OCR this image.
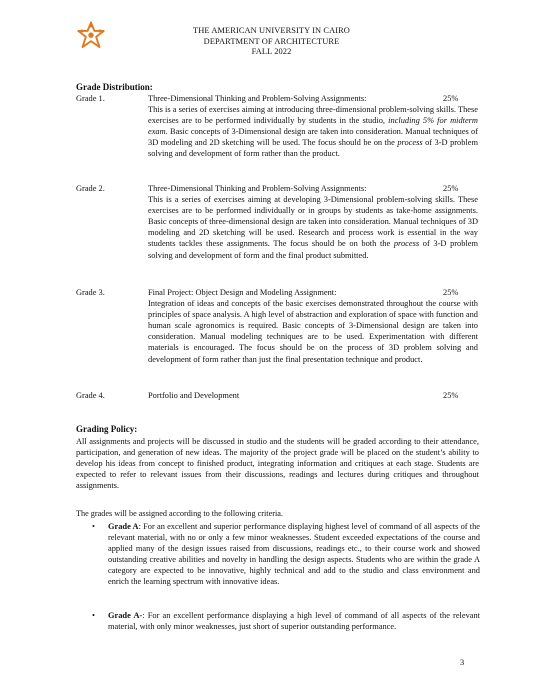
THE AMERICAN UNIVERSITY IN CAIRO
DEPARTMENT OF ARCHITECTURE
FALL 2022
Grade Distribution:
Grade 1.	Three-Dimensional Thinking and Problem-Solving Assignments:	25%
This is a series of exercises aiming at introducing three-dimensional problem-solving skills. These exercises are to be performed individually by students in the studio, including 5% for midterm exam. Basic concepts of 3-Dimensional design are taken into consideration. Manual techniques of 3D modeling and 2D sketching will be used. The focus should be on the process of 3-D problem solving and development of form rather than the product.
Grade 2.	Three-Dimensional Thinking and Problem-Solving Assignments:	25%
This is a series of exercises aiming at developing 3-Dimensional problem-solving skills. These exercises are to be performed individually or in groups by students as take-home assignments. Basic concepts of three-dimensional design are taken into consideration. Manual techniques of 3D modeling and 2D sketching will be used. Research and process work is essential in the way students tackles these assignments. The focus should be on both the process of 3-D problem solving and development of form and the final product submitted.
Grade 3.	Final Project: Object Design and Modeling Assignment:	25%
Integration of ideas and concepts of the basic exercises demonstrated throughout the course with principles of space analysis. A high level of abstraction and exploration of space with function and human scale agronomics is required. Basic concepts of 3-Dimensional design are taken into consideration. Manual modeling techniques are to be used. Experimentation with different materials is encouraged. The focus should be on the process of 3D problem solving and development of form rather than just the final presentation technique and product.
Grade 4.	Portfolio and Development	25%
Grading Policy:
All assignments and projects will be discussed in studio and the students will be graded according to their attendance, participation, and generation of new ideas. The majority of the project grade will be placed on the student’s ability to develop his ideas from concept to finished product, integrating information and critiques at each stage. Students are expected to refer to relevant issues from their discussions, readings and lectures during critiques and throughout assignments.
The grades will be assigned according to the following criteria.
• Grade A: For an excellent and superior performance displaying highest level of command of all aspects of the relevant material, with no or only a few minor weaknesses. Student exceeded expectations of the course and applied many of the design issues raised from discussions, readings etc., to their course work and showed outstanding creative abilities and novelty in handling the design aspects. Students who are within the grade A category are expected to be innovative, highly technical and add to the studio and class environment and enrich the learning spectrum with innovative ideas.
• Grade A-: For an excellent performance displaying a high level of command of all aspects of the relevant material, with only minor weaknesses, just short of superior outstanding performance.
3
